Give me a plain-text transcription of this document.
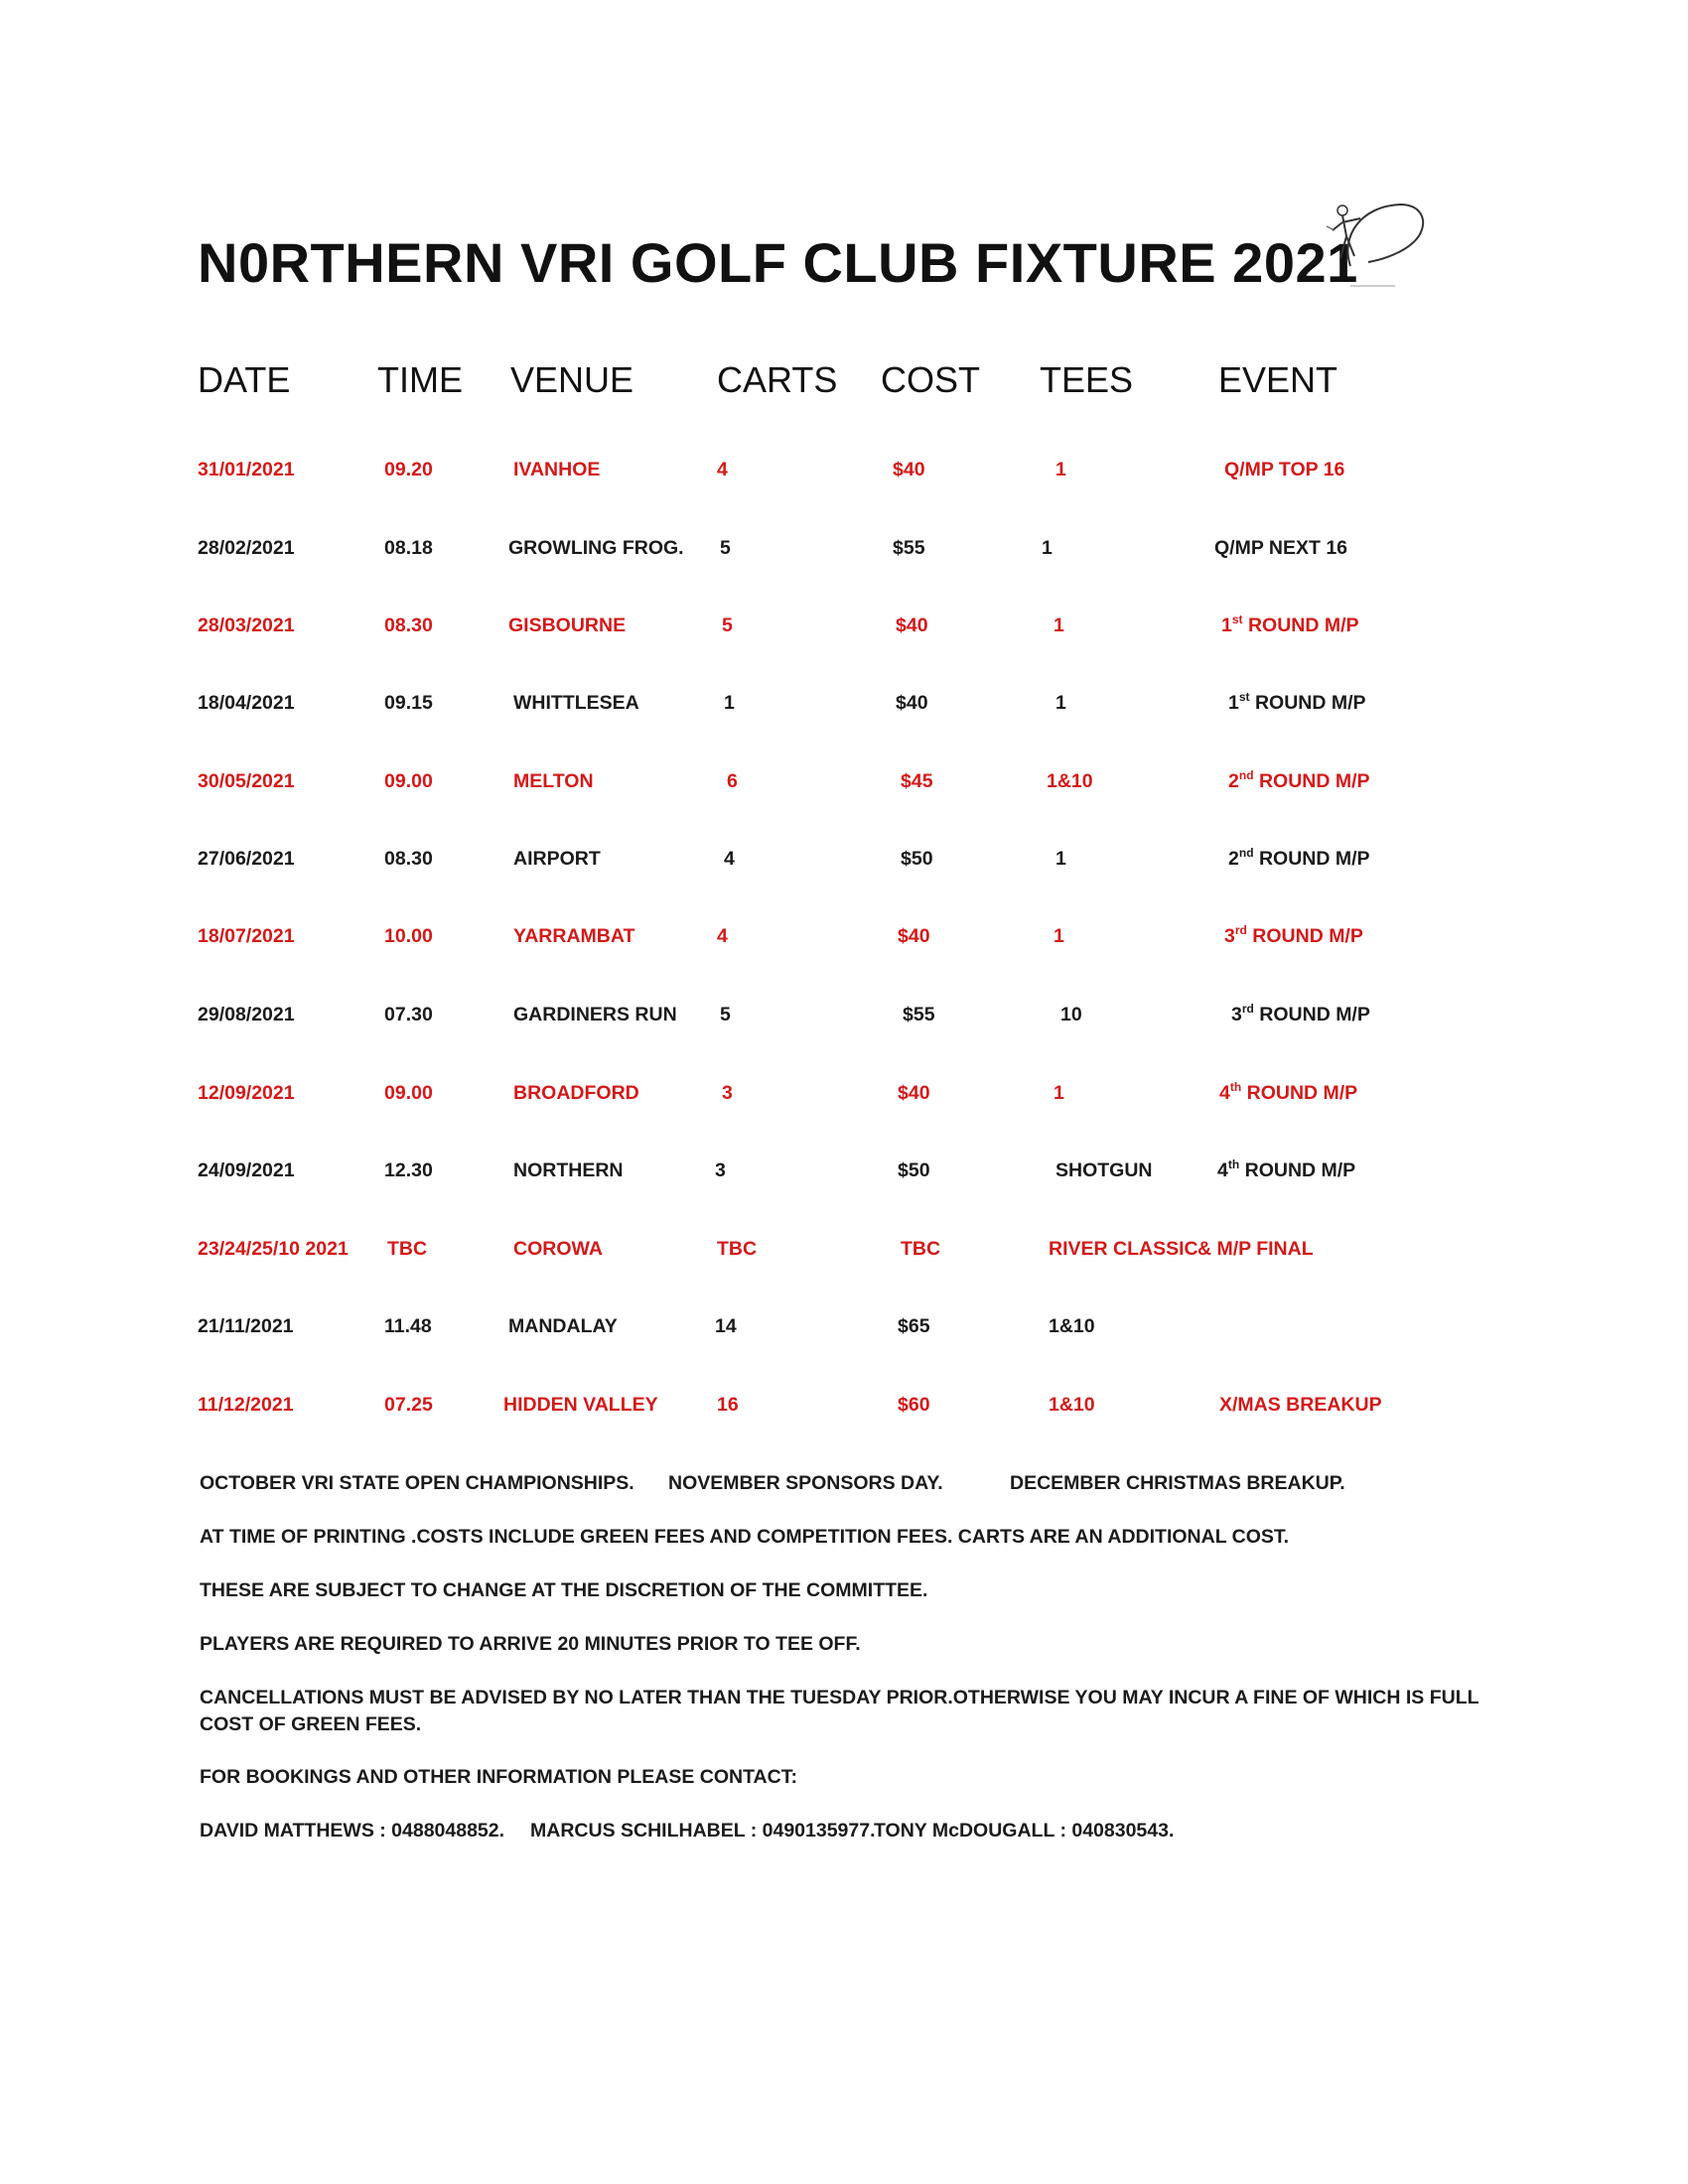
N0RTHERN VRI GOLF CLUB FIXTURE 2021
DATE TIME VENUE CARTS COST TEES EVENT
31/01/2021	09.20	IVANHOE	4	$40	1	Q/MP TOP 16
28/02/2021	08.18	GROWLING FROG. 5	$55	1	Q/MP NEXT 16
28/03/2021	08.30	GISBOURNE	5	$40	1	1st ROUND M/P
18/04/2021	09.15	WHITTLESEA	1	$40	1	1st ROUND M/P
30/05/2021	09.00	MELTON	6	$45	1&10	2nd ROUND M/P
27/06/2021	08.30	AIRPORT	4	$50	1	2nd ROUND M/P
18/07/2021	10.00	YARRAMBAT	4	$40	1	3rd ROUND M/P
29/08/2021	07.30	GARDINERS RUN 5	$55	10	3rd ROUND M/P
12/09/2021	09.00	BROADFORD	3	$40	1	4th ROUND M/P
24/09/2021	12.30	NORTHERN	3	$50	SHOTGUN	4th ROUND M/P
23/24/25/10 2021 TBC	COROWA	TBC	TBC	RIVER CLASSIC & M/P FINAL
21/11/2021	11.48	MANDALAY	14	$65	1&10
11/12/2021	07.25	HIDDEN VALLEY	16	$60	1&10	X/MAS BREAKUP
OCTOBER VRI STATE OPEN CHAMPIONSHIPS. NOVEMBER SPONSORS DAY.	DECEMBER CHRISTMAS BREAKUP.
AT TIME OF PRINTING .COSTS INCLUDE GREEN FEES AND COMPETITION FEES. CARTS ARE AN ADDITIONAL COST.
THESE ARE SUBJECT TO CHANGE AT THE DISCRETION OF THE COMMITTEE.
PLAYERS ARE REQUIRED TO ARRIVE 20 MINUTES PRIOR TO TEE OFF.
CANCELLATIONS MUST BE ADVISED BY NO LATER THAN THE TUESDAY PRIOR.OTHERWISE YOU MAY INCUR A FINE OF WHICH IS FULL COST OF GREEN FEES.
FOR BOOKINGS AND OTHER INFORMATION PLEASE CONTACT:
DAVID MATTHEWS : 0488048852. MARCUS SCHILHABEL : 0490135977.
TONY McDOUGALL : 040830543.
